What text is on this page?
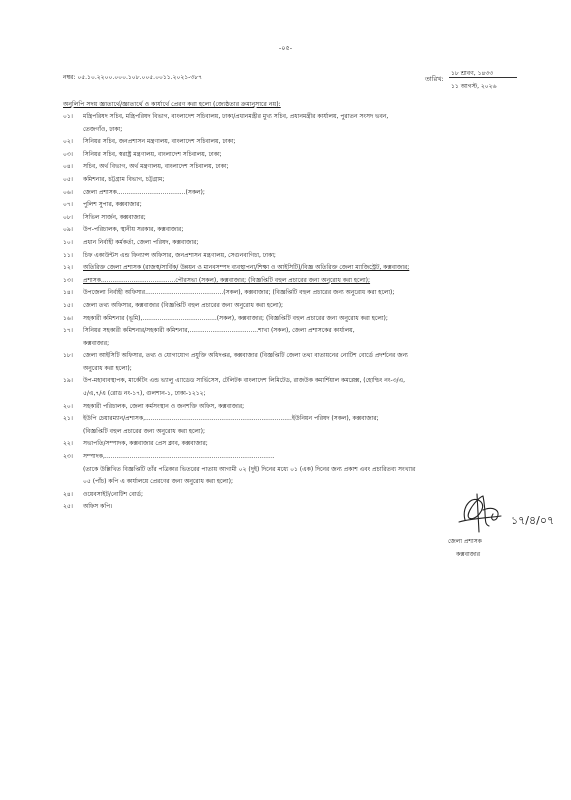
-০৫-
নম্বর: ০৫.১০.২২০০.০০০.১০৮.০০৫.০০১১.২০২১-৩৮৭	তারিখ:
১৮ শ্রাবণ, ১৪৩৩
১১ আগস্ট, ২০২৬
অনুলিপি সদয় জ্ঞাতার্থে/জ্ঞাতার্থে ও কার্যার্থে প্রেরণ করা হলো (জ্যেষ্ঠতার ক্রমানুসারে নয়):
০১।	মন্ত্রিপরিষদ সচিব, মন্ত্রিপরিষদ বিভাগ, বাংলাদেশ সচিবালয়, ঢাকা/প্রধানমন্ত্রীর মুখ্য সচিব, প্রধানমন্ত্রীর কার্যালয়, পুরাতন সংসদ ভবন,
তেজগাঁও, ঢাকা;
০২।	সিনিয়র সচিব, জনপ্রশাসন মন্ত্রণালয়, বাংলাদেশ সচিবালয়, ঢাকা;
০৩।	সিনিয়র সচিব, স্বরাষ্ট্র মন্ত্রণালয়, বাংলাদেশ সচিবালয়, ঢাকা;
০৪।	সচিব, অর্থ বিভাগ, অর্থ মন্ত্রণালয়, বাংলাদেশ সচিবালয়, ঢাকা;
০৫।	কমিশনার, চট্টগ্রাম বিভাগ, চট্টগ্রাম;
০৬।	জেলা প্রশাসক....................................(সকল);
০৭।	পুলিশ সুপার, কক্সবাজার;
০৮।	সিভিল সার্জন, কক্সবাজার;
০৯।	উপ-পরিচালক, স্থানীয় সরকার, কক্সবাজার;
১০।	প্রধান নির্বাহী কর্মকর্তা, জেলা পরিষদ, কক্সবাজার;
১১।	চিফ একাউন্টস এন্ড ফিন্যান্স অফিসার, জনপ্রশাসন মন্ত্রণালয়, সেগুনবাগিচা, ঢাকা;
১২।	অতিরিক্ত জেলা প্রশাসক (রাজস্ব/সার্বিক/ উন্নয়ন ও মানবসম্পদ ব্যবস্থাপনা/শিক্ষা ও আইসিটি)/বিজ্ঞ অতিরিক্ত জেলা ম্যাজিস্ট্রেট, কক্সবাজার;
১৩।	প্রশাসক.......................................পৌরসভা (সকল), কক্সবাজার; (বিজ্ঞপ্তিটি বহুল প্রচারের জন্য অনুরোধ করা হলো);
১৪।	উপজেলা নির্বাহী অফিসার.........................................(সকল), কক্সবাজার; (বিজ্ঞপ্তিটি বহুল প্রচারের জন্য অনুরোধ করা হলো);
১৫।	জেলা তথ্য অফিসার, কক্সবাজার (বিজ্ঞপ্তিটি বহুল প্রচারের জন্য অনুরোধ করা হলো);
১৬।	সহকারী কমিশনার (ভূমি),.......................................(সকল), কক্সবাজার; (বিজ্ঞপ্তিটি বহুল প্রচারের জন্য অনুরোধ করা হলো);
১৭।	সিনিয়র সহকারী কমিশনার/সহকারী কমিশনার,....................................শাখা (সকল), জেলা প্রশাসকের কার্যালয়,
কক্সবাজার;
১৮।	জেলা আইসিটি অফিসার, তথ্য ও যোগাযোগ প্রযুক্তি অধিদপ্তর, কক্সবাজার (বিজ্ঞপ্তিটি জেলা তথ্য বাতায়নের নোটিশ বোর্ডে প্রদর্শনের জন্য
অনুরোধ করা হলো);
১৯।	উপ-মহাব্যবস্থাপক, মার্কেটিং এন্ড ভ্যালু এ্যাডেড সার্ভিসেস, টেলিটক বাংলাদেশ লিমিটেড, রাজউক কমার্শিয়াল কমপ্লেক্স, (হোল্ডিং নং-৩/এ,
৫/এ,৭/এ (রোড নং-১৭), গুলশান-১, ঢাকা-১২১২;
২০।	সহকারী পরিচালক, জেলা কর্মসংস্থান ও জনশক্তি অফিস, কক্সবাজার;
২১।	ইউপি চেয়ারম্যান/প্রশাসক,.............................................................................ইউনিয়ন পরিষদ (সকল), কক্সবাজার;
(বিজ্ঞপ্তিটি বহুল প্রচারের জন্য অনুরোধ করা হলো);
২২।	সভাপতি/সম্পাদক, কক্সবাজার প্রেস ক্লাব, কক্সবাজার;
২৩।	সম্পাদক,.........................................................................................
(তাকে উল্লিখিত বিজ্ঞপ্তিটি তাঁর পত্রিকার ভিতরের পাতায় আগামী ০২ (দুই) দিনের মধ্যে ০১ (এক) দিনের জন্য প্রকাশ এবং প্রচারিতব্য সংখ্যার
০৫ (পাঁচ) কপি এ কার্যালয়ে প্রেরণের জন্য অনুরোধ করা হলো);
২৪।	ওয়েবসাইট/নোটিশ বোর্ড;
২৫।	অফিস কপি।
১৭/৪/০৭
জেলা প্রশাসক
কক্সবাজার
